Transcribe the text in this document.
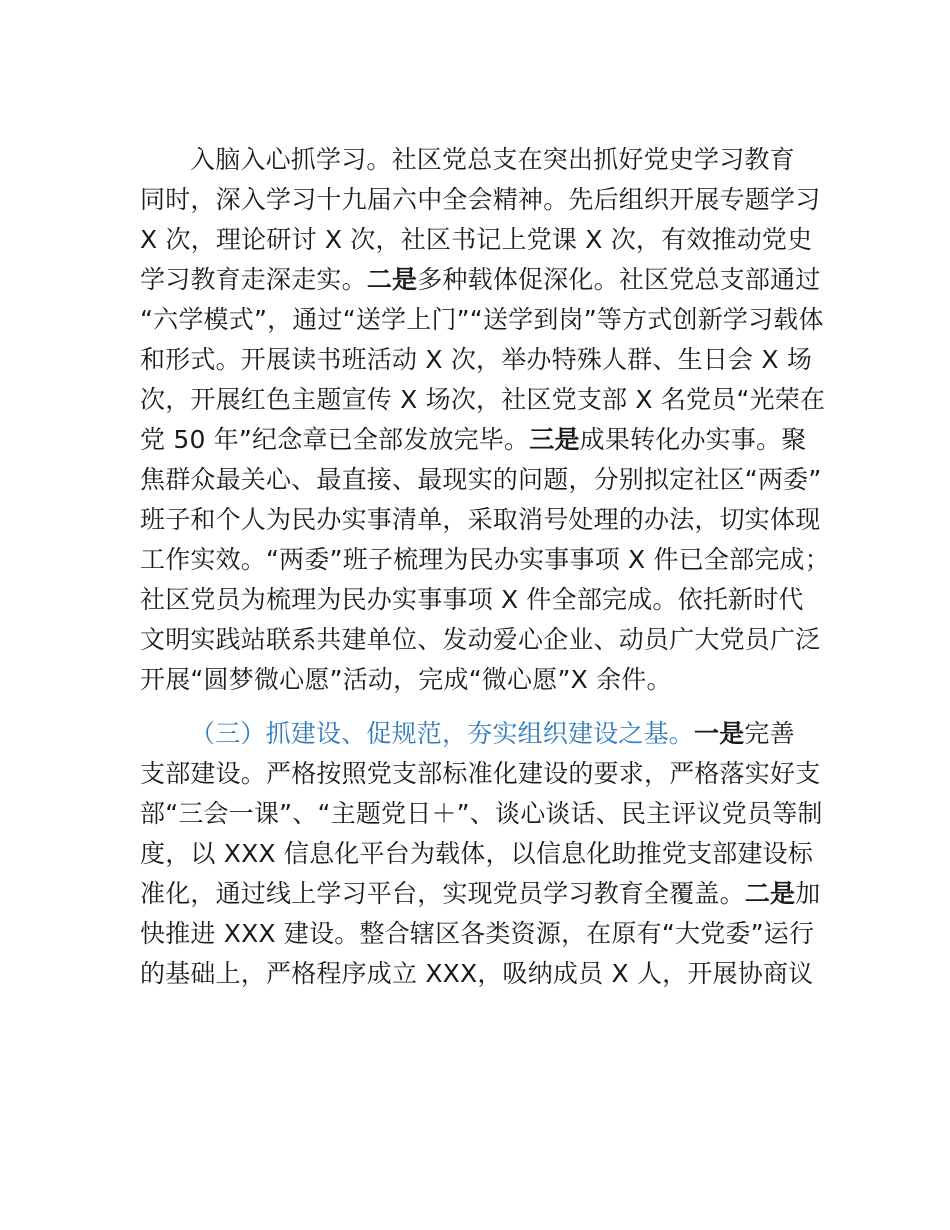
入脑入心抓学习。社区党总支在突出抓好党史学习教育
同时，深入学习十九届六中全会精神。先后组织开展专题学习
X 次，理论研讨 X 次，社区书记上党课 X 次，有效推动党史
学习教育走深走实。二是多种载体促深化。社区党总支部通过
“六学模式”，通过“送学上门”“送学到岗”等方式创新学习载体
和形式。开展读书班活动 X 次，举办特殊人群、生日会 X 场
次，开展红色主题宣传 X 场次，社区党支部 X 名党员“光荣在
党 50 年”纪念章已全部发放完毕。三是成果转化办实事。聚
焦群众最关心、最直接、最现实的问题，分别拟定社区“两委”
班子和个人为民办实事清单，采取消号处理的办法，切实体现
工作实效。“两委”班子梳理为民办实事事项 X 件已全部完成；
社区党员为梳理为民办实事事项 X 件全部完成。依托新时代
文明实践站联系共建单位、发动爱心企业、动员广大党员广泛
开展“圆梦微心愿”活动，完成“微心愿”X 余件。
（三）抓建设、促规范，夯实组织建设之基。一是完善
支部建设。严格按照党支部标准化建设的要求，严格落实好支
部“三会一课”、“主题党日＋”、谈心谈话、民主评议党员等制
度，以 XXX 信息化平台为载体，以信息化助推党支部建设标
准化，通过线上学习平台，实现党员学习教育全覆盖。二是加
快推进 XXX 建设。整合辖区各类资源，在原有“大党委”运行
的基础上，严格程序成立 XXX，吸纳成员 X 人，开展协商议
